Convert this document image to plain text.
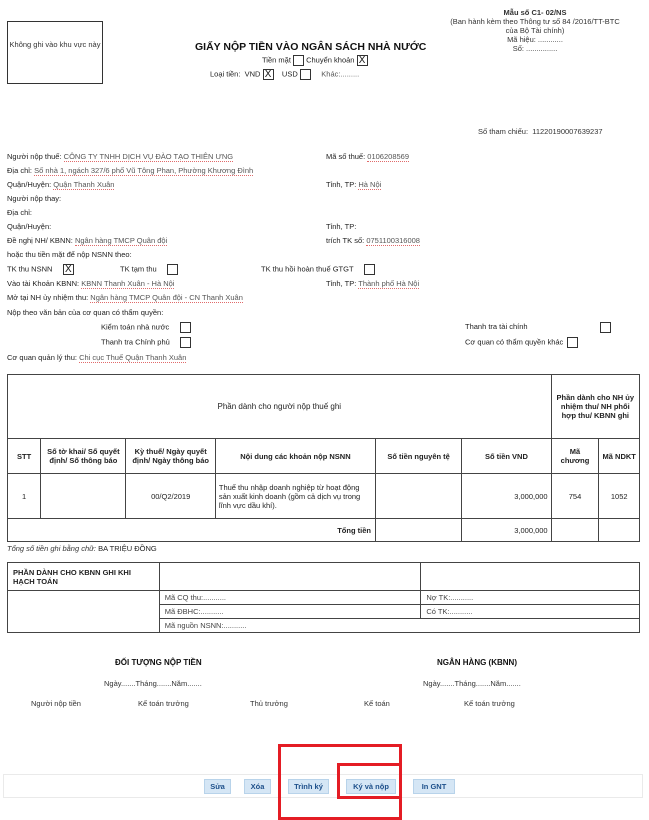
Không ghi vào khu vực này	GIẤY NỘP TIỀN VÀO NGÂN SÁCH NHÀ NƯỚC
Tiền mặt Chuyển khoản X
Loại tiền: VND X USD	Khác:.........
Mẫu số C1- 02/NS
(Ban hành kèm theo Thông tư số 84 /2016/TT-BTC
của Bộ Tài chính)
Mã hiệu: ............
Số: ...............
Số tham chiếu: 11220190007639237
Người nộp thuế: CÔNG TY TNHH DỊCH VỤ ĐÀO TẠO THIÊN ƯNG	Mã số thuế: 0106208569
Địa chỉ: Số nhà 1, ngách 327/6 phố Vũ Tông Phan, Phường Khương Đình
Quận/Huyện: Quận Thanh Xuân	Tỉnh, TP: Hà Nội
Người nộp thay:
Địa chỉ:
Quận/Huyện:	Tỉnh, TP:
Đề nghị NH/ KBNN: Ngân hàng TMCP Quân đội	trích TK số: 0751100316008
hoặc thu tiền mặt để nộp NSNN theo:
TK thu NSNN X	TK tạm thu	TK thu hồi hoàn thuế GTGT
Vào tài Khoản KBNN: KBNN Thanh Xuân - Hà Nội	Tỉnh, TP: Thành phố Hà Nội
Mở tại NH ủy nhiệm thu: Ngân hàng TMCP Quân đội - CN Thanh Xuân
Nộp theo văn bản của cơ quan có thẩm quyền:
Kiểm toán nhà nước
Thanh tra Chính phủ
Thanh tra tài chính
Cơ quan có thẩm quyền khác
Cơ quan quản lý thu: Chi cục Thuế Quận Thanh Xuân
Phần dành cho người nộp thuế ghi						Phần dành cho NH ủy nhiệm thu/ NH phối hợp thu/ KBNN ghi	
STT	Số tờ khai/ Số quyết định/ Số thông báo	Kỳ thuế/ Ngày quyết định/ Ngày thông báo	Nội dung các khoản nộp NSNN	Số tiền nguyên tệ	Số tiền VND	Mã chương	Mã NDKT
1		00/Q2/2019	Thuế thu nhập doanh nghiệp từ hoạt động sản xuất kinh doanh (gồm cả dịch vụ trong lĩnh vực dầu khí).		3,000,000	754	1052
Tổng tiền					3,000,000		
Tổng số tiền ghi bằng chữ: BA TRIỆU ĐỒNG
PHẦN DÀNH CHO KBNN GHI KHI HẠCH TOÁN		
	Mã CQ thu:...........	Nợ TK:...........
	Mã ĐBHC:...........	Có TK:...........
	Mã nguồn NSNN:...........	
ĐỐI TƯỢNG NỘP TIỀN
Ngày.......Tháng.......Năm.......
Người nộp tiền	Kế toán trưởng	Thủ trưởng
NGÂN HÀNG (KBNN)
Ngày.......Tháng.......Năm.......
Kế toán	Kế toán trưởng
Sửa	Xóa	Trình ký	Ký và nộp	In GNT
